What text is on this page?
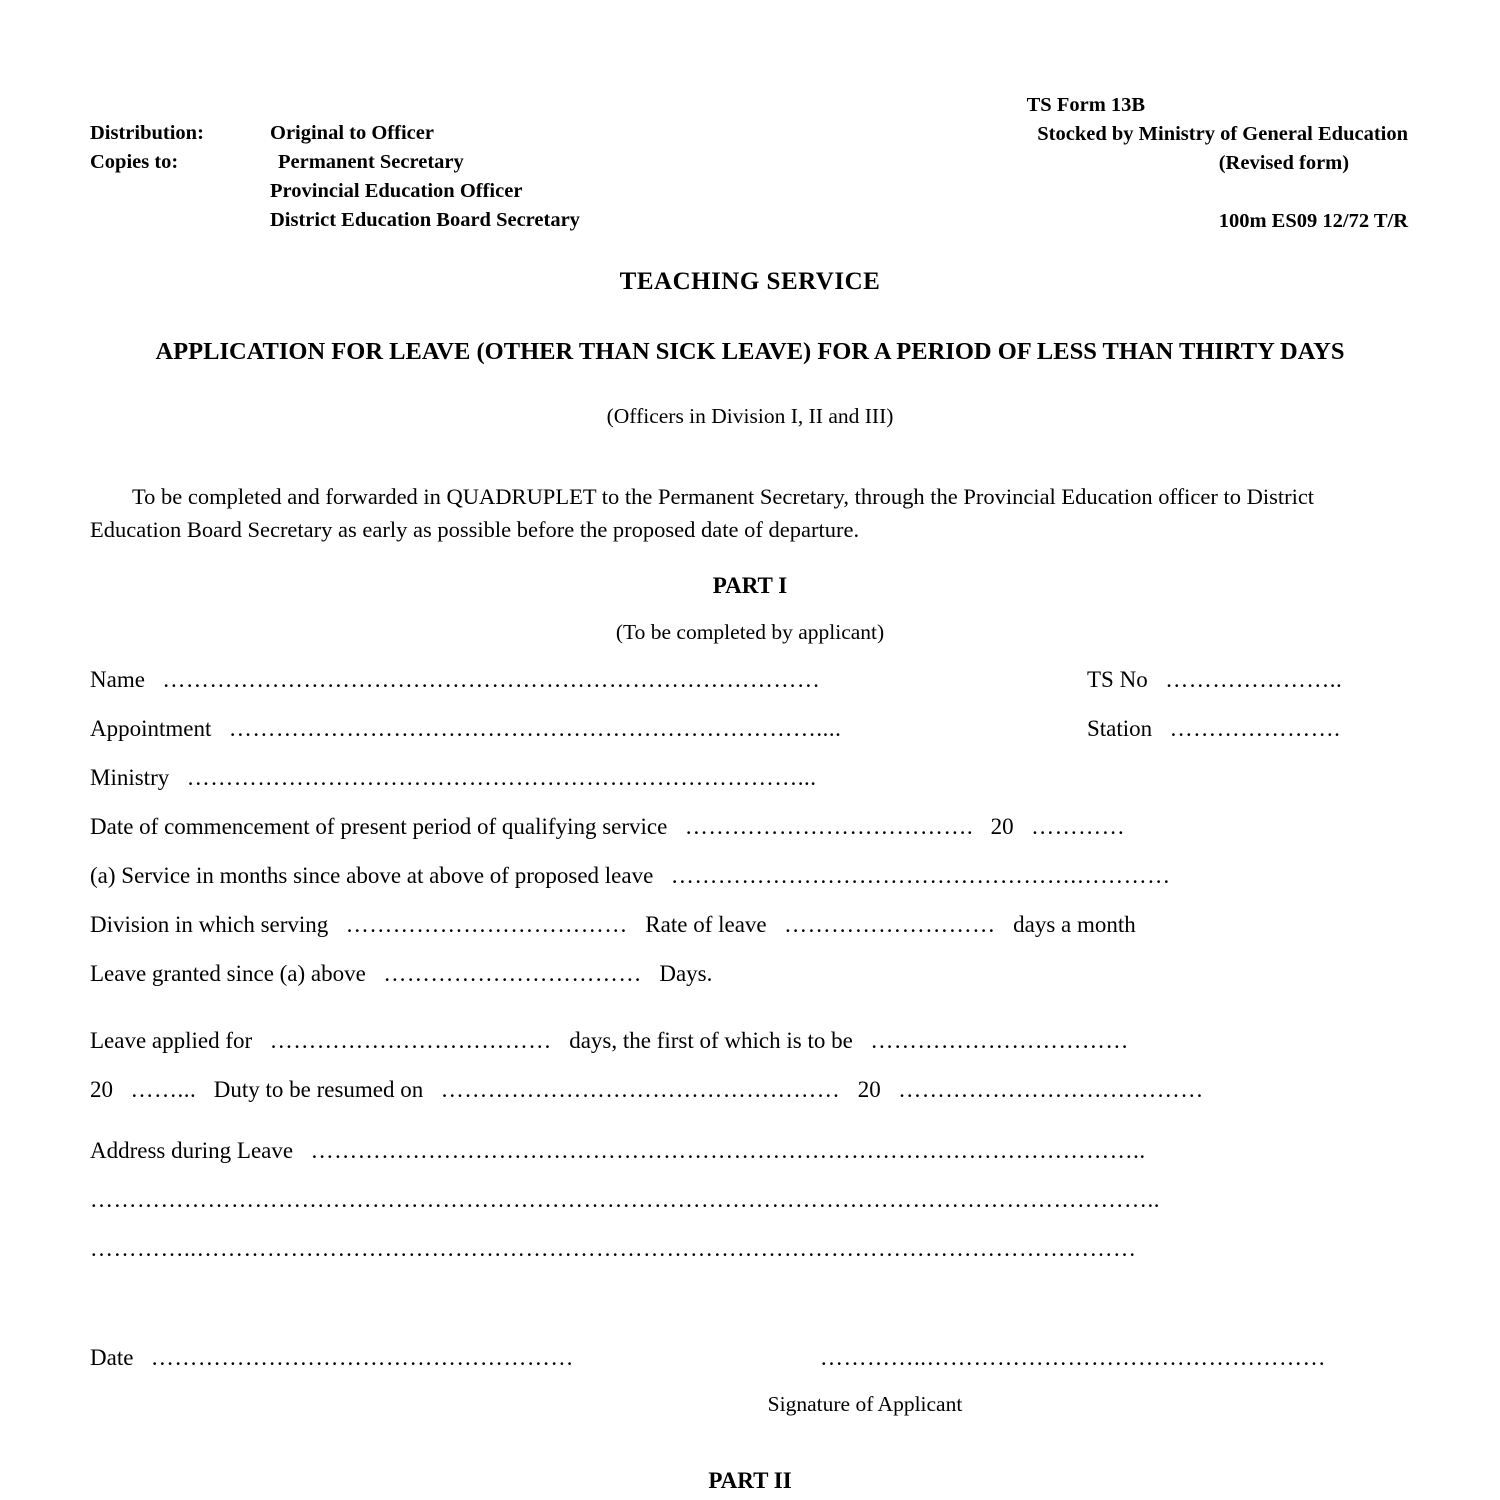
Distribution:	Original to Officer
Copies to:	Permanent Secretary
Provincial Education Officer
District Education Board Secretary
TS Form 13B
Stocked by Ministry of General Education
(Revised form)
100m ES09 12/72 T/R
TEACHING SERVICE
APPLICATION FOR LEAVE (OTHER THAN SICK LEAVE) FOR A PERIOD OF LESS THAN THIRTY DAYS
(Officers in Division I, II and III)
To be completed and forwarded in QUADRUPLET to the Permanent Secretary, through the Provincial Education officer to District Education Board Secretary as early as possible before the proposed date of departure.
PART I
(To be completed by applicant)
Name …………………………………………………………………………	TS No …………………..
Appointment …………………………………………………………………....	Station ………………….
Ministry ……………………………………………………………………...
Date of commencement of present period of qualifying service ………………………………. 20 …………
(a) Service in months since above at above of proposed leave …………………………………………….…………
Division in which serving ……………………………… Rate of leave ……………………… days a month
Leave granted since (a) above …………………………… Days.
Leave applied for ……………………………… days, the first of which is to be ……………………………
20 ……... Duty to be resumed on …………………………………………… 20 …………………………………
Address during Leave ……………………………………………………………………………………………..
………………………………………………………………………………………………………………………..
…………..…………………………………………………………………………………………………………
Date ………………………………………………	…………..……………………………………………
Signature of Applicant
PART II
